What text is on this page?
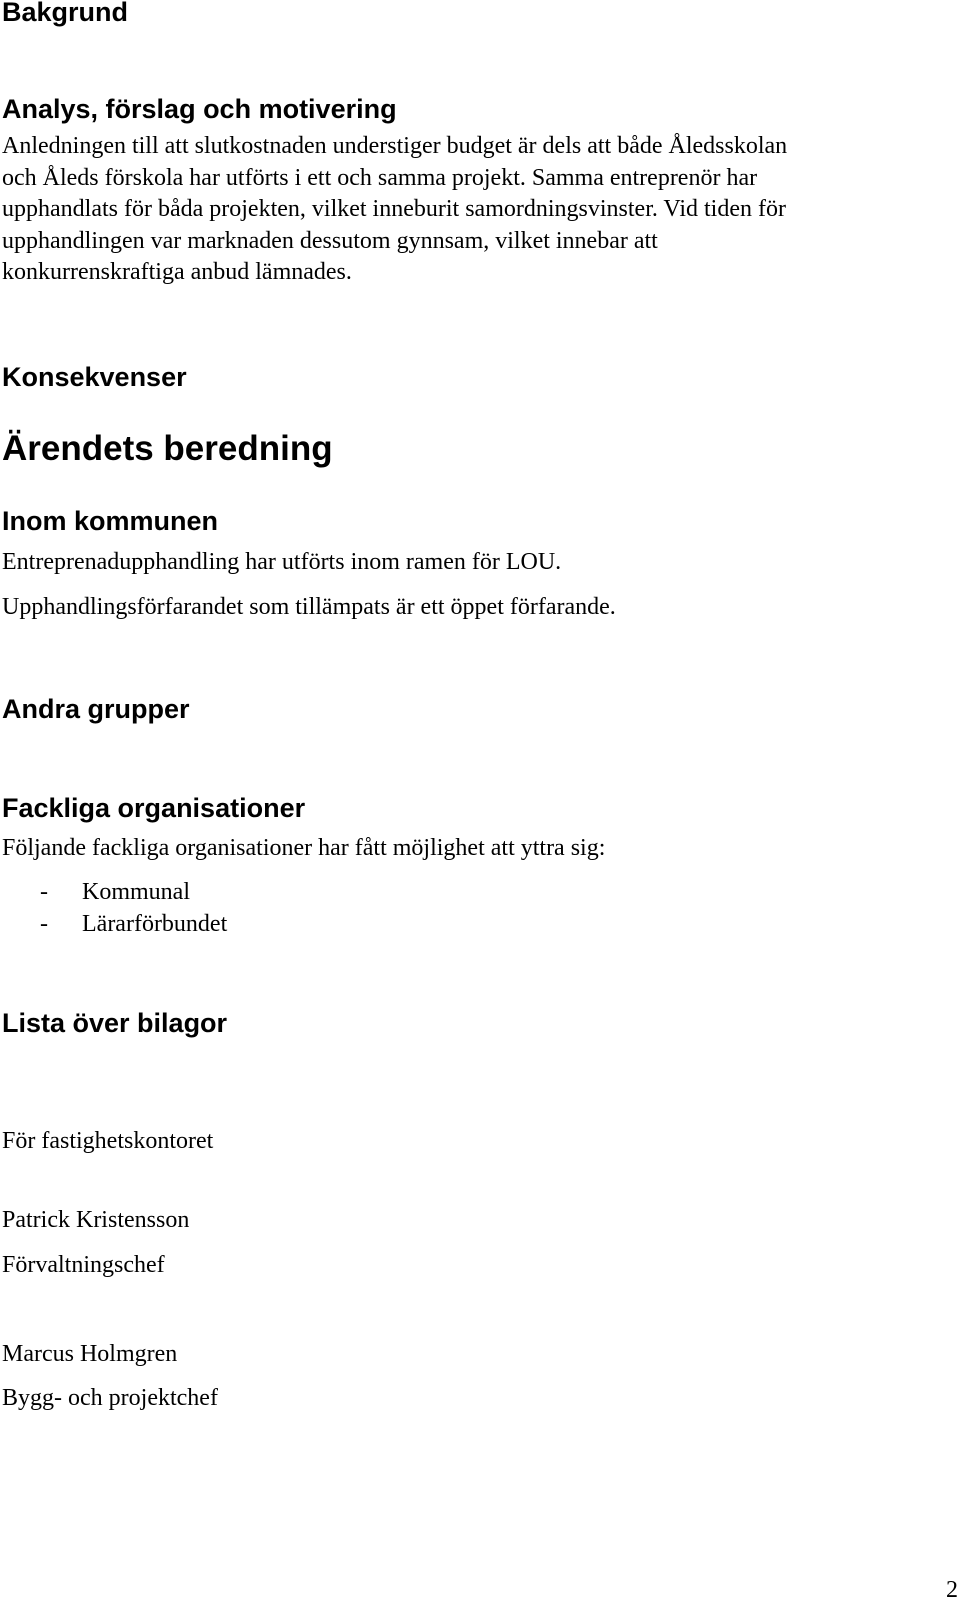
Bakgrund
Analys, förslag och motivering
Anledningen till att slutkostnaden understiger budget är dels att både Åledsskolan
och Åleds förskola har utförts i ett och samma projekt. Samma entreprenör har
upphandlats för båda projekten, vilket inneburit samordningsvinster. Vid tiden för
upphandlingen var marknaden dessutom gynnsam, vilket innebar att
konkurrenskraftiga anbud lämnades.
Konsekvenser
Ärendets beredning
Inom kommunen

Entreprenadupphandling har utförts inom ramen för LOU.

Upphandlingsförfarandet som tillämpats är ett öppet förfarande.

Andra grupper
Fackliga organisationer

Följande fackliga organisationer har fått möjlighet att yttra sig:

- Kommunal
- Lärarförbundet
Lista över bilagor

För fastighetskontoret

Patrick Kristensson

Förvaltningschef

Marcus Holmgren

Bygg- och projektchef

2
